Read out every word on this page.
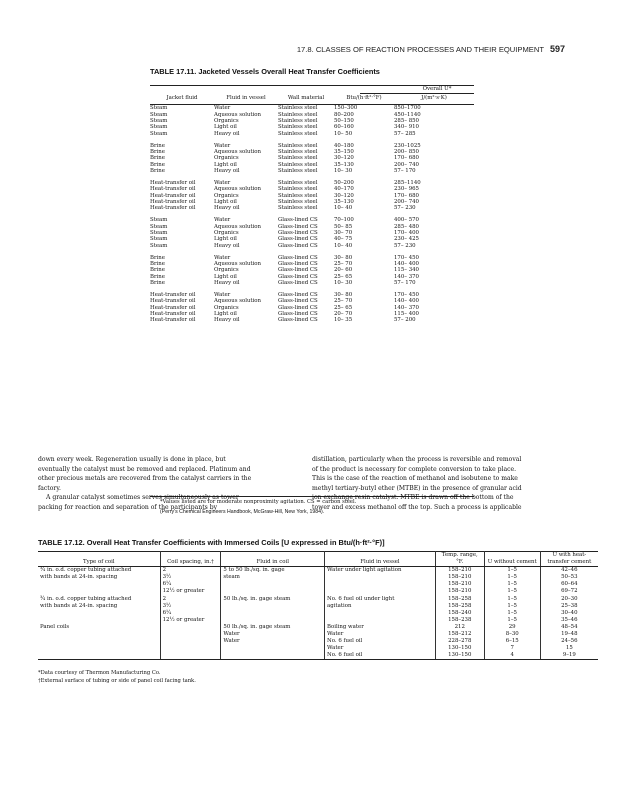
17.8. CLASSES OF REACTION PROCESSES AND THEIR EQUIPMENT 597
TABLE 17.11. Jacketed Vessels Overall Heat Transfer Coefficients
Overall U*
Jacket fluid	Fluid in vessel	Wall material	Btu/(h·ft²·°F)	J/(m²·s·K)

Steam	Water	Stainless steel	150–300	850–1700
Steam	Aqueous solution	Stainless steel	80–200	450–1140
Steam	Organics	Stainless steel	50–150	285– 850
Steam	Light oil	Stainless steel	60–160	340– 910
Steam	Heavy oil	Stainless steel	10– 50	57– 285

Brine	Water	Stainless steel	40–180	230–1025
Brine	Aqueous solution	Stainless steel	35–150	200– 850
Brine	Organics	Stainless steel	30–120	170– 680
Brine	Light oil	Stainless steel	35–130	200– 740
Brine	Heavy oil	Stainless steel	10– 30	57– 170

Heat-transfer oil	Water	Stainless steel	50–200	285–1140
Heat-transfer oil	Aqueous solution	Stainless steel	40–170	230– 965
Heat-transfer oil	Organics	Stainless steel	30–120	170– 680
Heat-transfer oil	Light oil	Stainless steel	35–130	200– 740
Heat-transfer oil	Heavy oil	Stainless steel	10– 40	57– 230

Steam	Water	Glass-lined CS	70–100	400– 570
Steam	Aqueous solution	Glass-lined CS	50– 85	285– 480
Steam	Organics	Glass-lined CS	30– 70	170– 400
Steam	Light oil	Glass-lined CS	40– 75	230– 425
Steam	Heavy oil	Glass-lined CS	10– 40	57– 230

Brine	Water	Glass-lined CS	30– 80	170– 450
Brine	Aqueous solution	Glass-lined CS	25– 70	140– 400
Brine	Organics	Glass-lined CS	20– 60	115– 340
Brine	Light oil	Glass-lined CS	25– 65	140– 370
Brine	Heavy oil	Glass-lined CS	10– 30	57– 170

Heat-transfer oil	Water	Glass-lined CS	30– 80	170– 450
Heat-transfer oil	Aqueous solution	Glass-lined CS	25– 70	140– 400
Heat-transfer oil	Organics	Glass-lined CS	25– 65	140– 370
Heat-transfer oil	Light oil	Glass-lined CS	20– 70	115– 400
Heat-transfer oil	Heavy oil	Glass-lined CS	10– 35	57– 200
*Values listed are for moderate nonproximity agitation. CS = carbon steel.
(Perry's Chemical Engineers Handbook, McGraw-Hill, New York, 1984).
down every week. Regeneration usually is done in place, but
eventually the catalyst must be removed and replaced. Platinum and
other precious metals are recovered from the catalyst carriers in the
factory.
A granular catalyst sometimes serves simultaneously as tower
packing for reaction and separation of the participants by
distillation, particularly when the process is reversible and removal
of the product is necessary for complete conversion to take place.
This is the case of the reaction of methanol and isobutene to make
methyl tertiary-butyl ether (MTBE) in the presence of granular acid
ion exchange resin catalyst. MTBE is drawn off the bottom of the
tower and excess methanol off the top. Such a process is applicable
TABLE 17.12. Overall Heat Transfer Coefficients with Immersed Coils [U expressed in Btu/(h·ft²·°F)]
Type of coil	Coil spacing, in.†	Fluid in coil	Fluid in vessel	Temp. range, °F.	U without cement	U with heat-transfer cement
¾ in. o.d. copper tubing attached	2	5 to 50 lb./sq. in. gage	Water under light agitation	158–210	1–5	42–46
with bands at 24-in. spacing	3½	steam		158–210	1–5	50–53
	6¼			158–210	1–5	60–64
	12½ or greater			158–210	1–5	69–72
¾ in. o.d. copper tubing attached	2	50 lb./sq. in. gage steam	No. 6 fuel oil under light	158–258	1–5	20–30
with bands at 24-in. spacing	3½		agitation	158–258	1–5	25–38
	6¼			158–240	1–5	30–40
	12½ or greater			158–238	1–5	35–46
Panel coils		50 lb./sq. in. gage steam	Boiling water	212	29	48–54
		Water	Water	158–212	8–30	19–48
		Water	No. 6 fuel oil	228–278	6–15	24–56
			Water	130–150	7	15
			No. 6 fuel oil	130–150	4	9–19
*Data courtesy of Thermon Manufacturing Co.
†External surface of tubing or side of panel coil facing tank.
